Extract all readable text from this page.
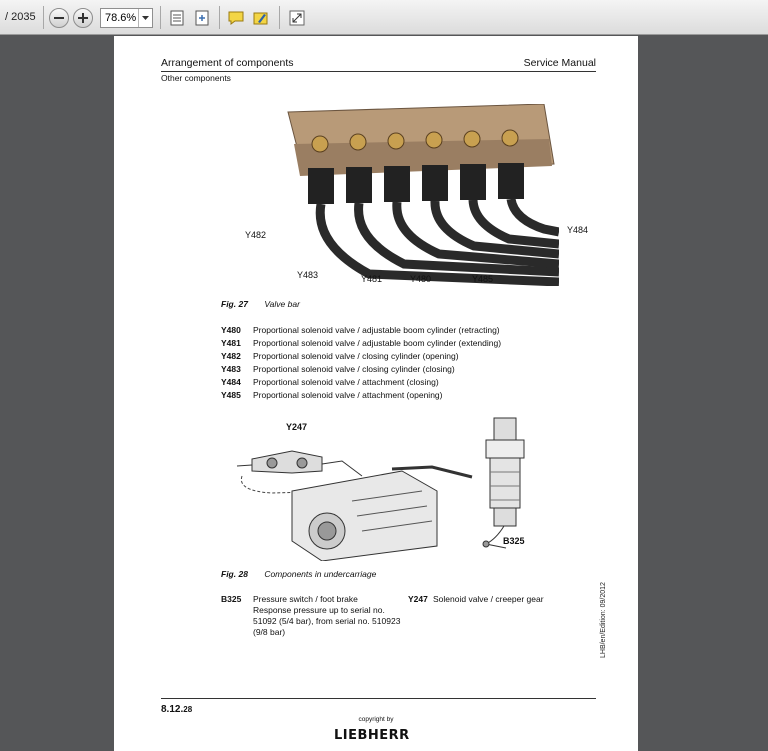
/ 2035	78.6%
Arrangement of components	Service Manual
Other components
Y482
Y483	Y481	Y480	Y485
Y484
Fig. 27 Valve bar
Y480 Proportional solenoid valve / adjustable boom cylinder (retracting)
Y481 Proportional solenoid valve / adjustable boom cylinder (extending)
Y482 Proportional solenoid valve / closing cylinder (opening)
Y483 Proportional solenoid valve / closing cylinder (closing)
Y484 Proportional solenoid valve / attachment (closing)
Y485 Proportional solenoid valve / attachment (opening)
Y247
B325
Fig. 28 Components in undercarriage
B325 Pressure switch / foot brake
Response pressure up to serial no.
51092 (5/4 bar), from serial no. 510923
(9/8 bar)
Y247 Solenoid valve / creeper gear	LHB/en/Edition: 09/2012
8.12.28
copyright by
LIEBHERR
